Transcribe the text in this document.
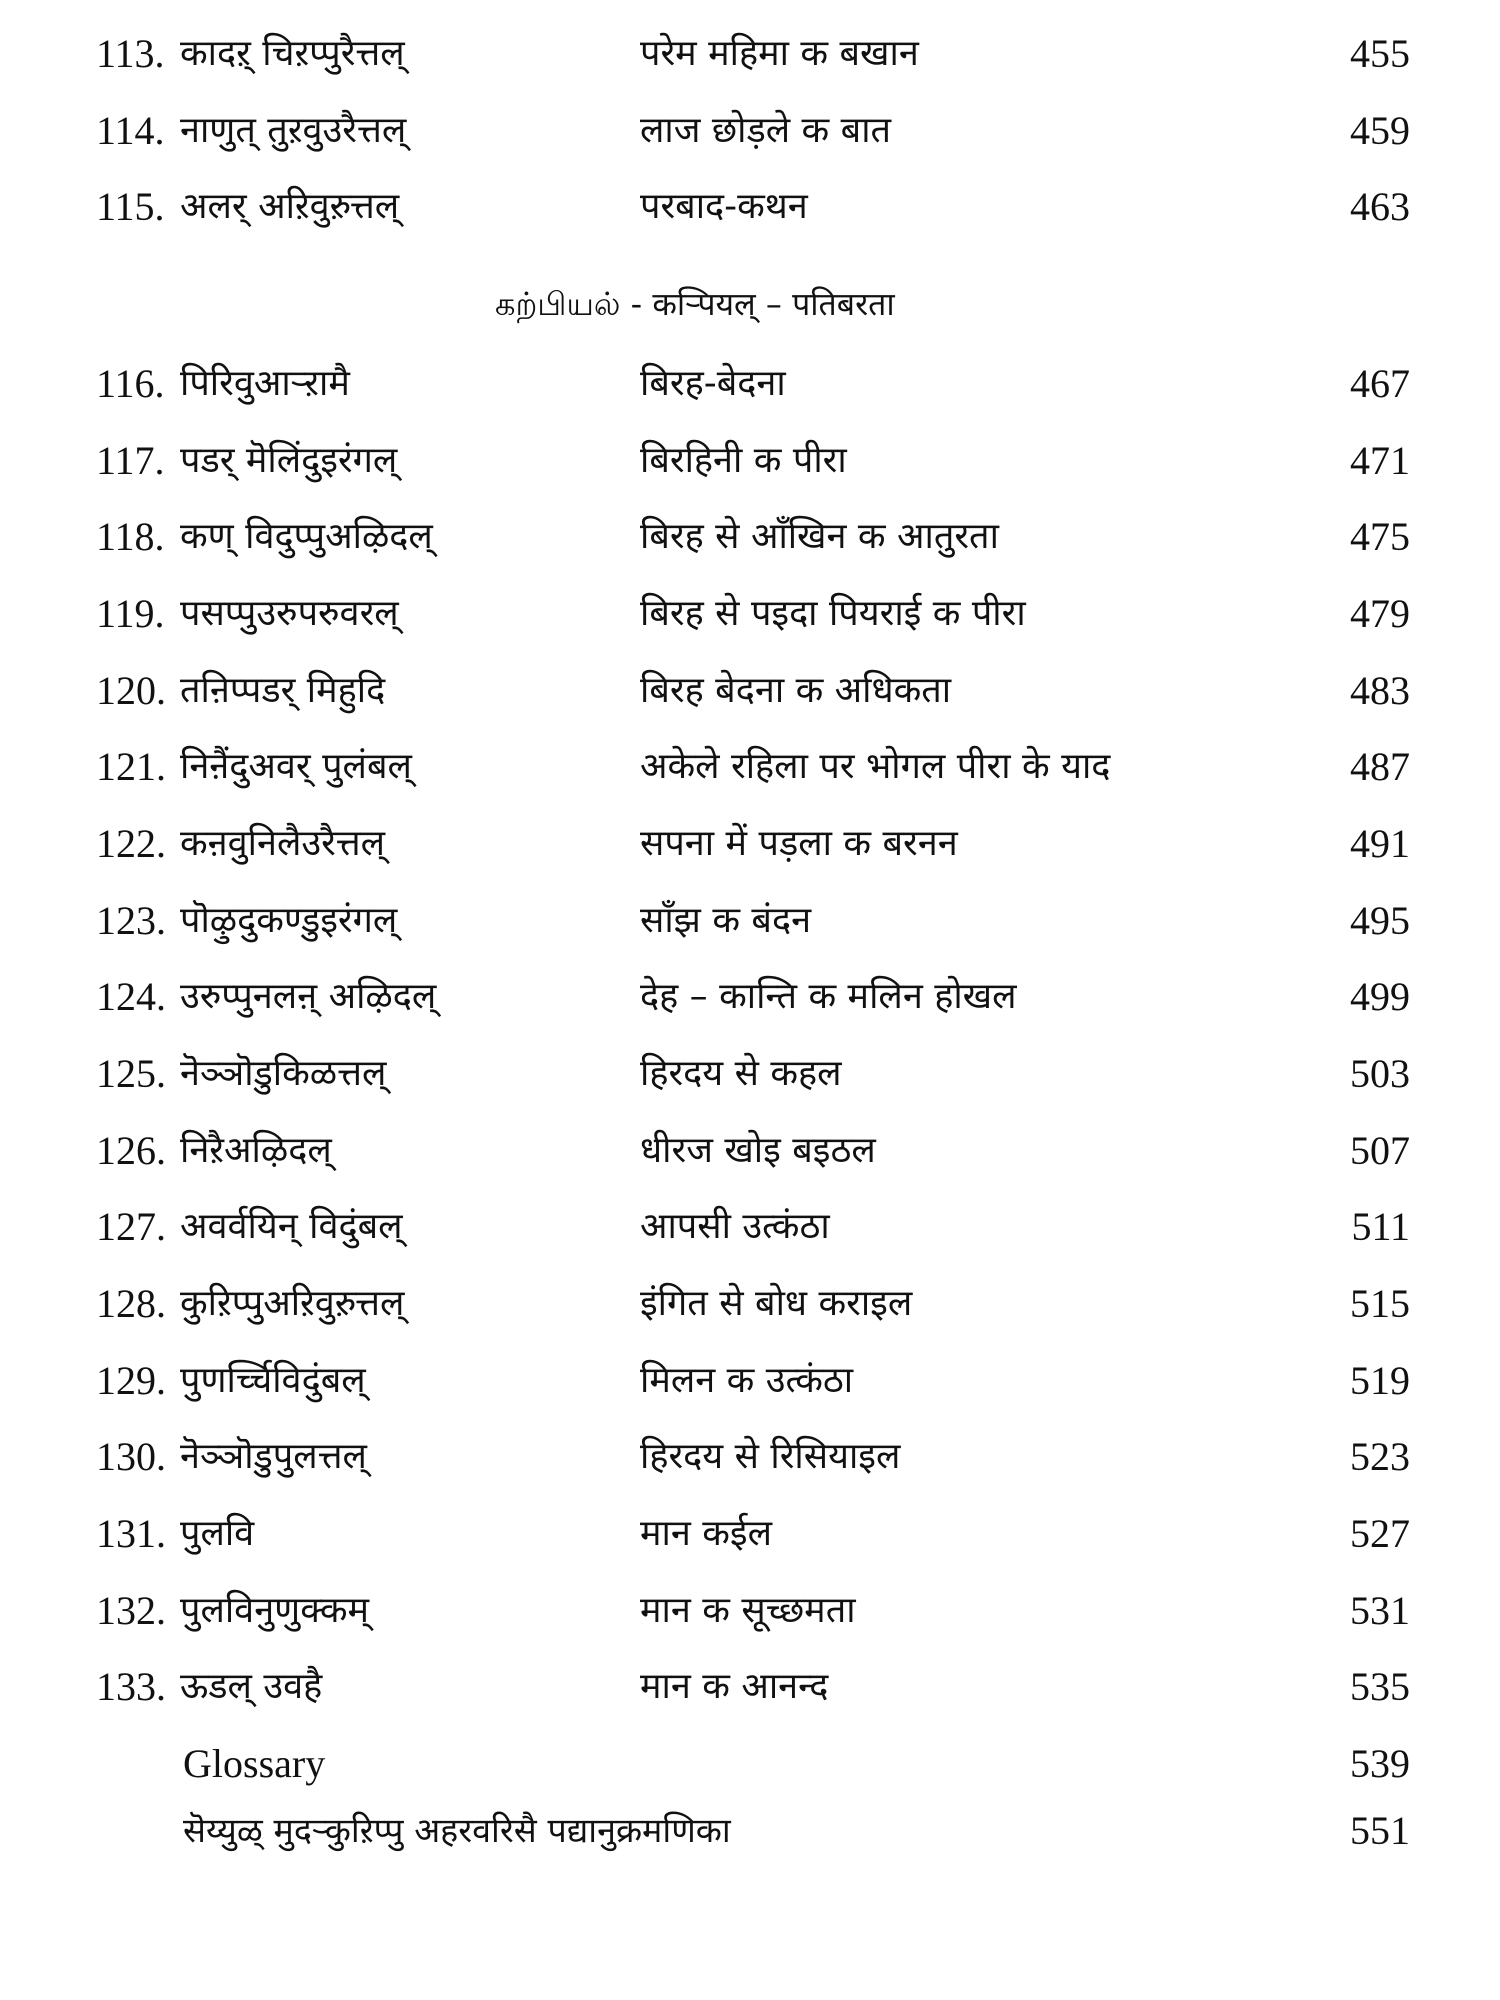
113. कादऱ् चिऱप्पुरैत्तल्	परेम महिमा क बखान	455
114. नाणुत् तुऱवुउरैत्तल्	लाज छोड़ले क बात	459
115. अलर् अऱिवुऱुत्तल्	परबाद-कथन	463
கற்பியல் - कऱ्पियल् – पतिबरता
116. पिरिवुआऱ्ऱामै	बिरह-बेदना	467
117. पडर् मॆलिंदुइरंगल्	बिरहिनी क पीरा	471
118. कण् विदुप्पुअऴिदल्	बिरह से आँखिन क आतुरता	475
119. पसप्पुउरुपरुवरल्	बिरह से पइदा पियराई क पीरा	479
120. तऩिप्पडर् मिहुदि	बिरह बेदना क अधिकता	483
121. निऩैंदुअवर् पुलंबल्	अकेले रहिला पर भोगल पीरा के याद	487
122. कऩवुनिलैउरैत्तल्	सपना में पड़ला क बरनन	491
123. पॊऴुदुकण्डुइरंगल्	साँझ क बंदन	495
124. उरुप्पुनलऩ् अऴिदल्	देह – कान्ति क मलिन होखल	499
125. नॆञ्ञॊडुकिळत्तल्	हिरदय से कहल	503
126. निऱैअऴिदल्	धीरज खोइ बइठल	507
127. अवर्वयिन् विदुंबल्	आपसी उत्कंठा	511
128. कुऱिप्पुअऱिवुऱुत्तल्	इंगित से बोध कराइल	515
129. पुणर्च्चिविदुंबल्	मिलन क उत्कंठा	519
130. नॆञ्ञॊडुपुलत्तल्	हिरदय से रिसियाइल	523
131. पुलवि	मान कईल	527
132. पुलविनुणुक्कम्	मान क सूच्छमता	531
133. ऊडल् उवहै	मान क आनन्द	535
Glossary	539
सॆय्युळ् मुदऱ्कुऱिप्पु अहरवरिसै पद्यानुक्रमणिका	551
